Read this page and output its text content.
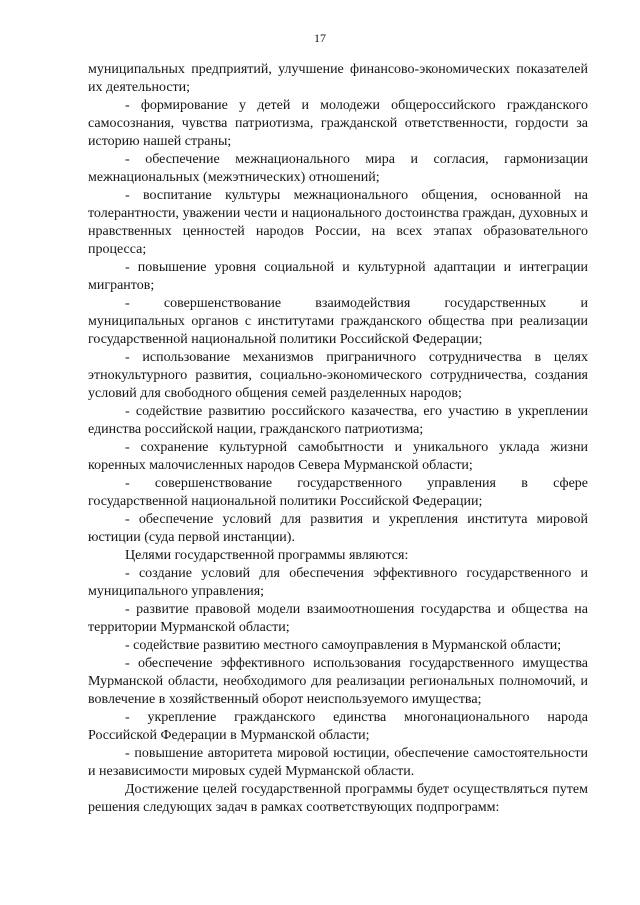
17

муниципальных предприятий, улучшение финансово-экономических показателей их деятельности;

- формирование у детей и молодежи общероссийского гражданского самосознания, чувства патриотизма, гражданской ответственности, гордости за историю нашей страны;

- обеспечение межнационального мира и согласия, гармонизации межнациональных (межэтнических) отношений;

- воспитание культуры межнационального общения, основанной на толерантности, уважении чести и национального достоинства граждан, духовных и нравственных ценностей народов России, на всех этапах образовательного процесса;

- повышение уровня социальной и культурной адаптации и интеграции мигрантов;

-      совершенствование      взаимодействия      государственных      и муниципальных органов с институтами гражданского общества при реализации государственной национальной политики Российской Федерации;

- использование механизмов приграничного сотрудничества в целях этнокультурного развития, социально-экономического сотрудничества, создания условий для свободного общения семей разделенных народов;

- содействие развитию российского казачества, его участию в укреплении единства российской нации, гражданского патриотизма;

- сохранение культурной самобытности и уникального уклада жизни коренных малочисленных народов Севера Мурманской области;

-    совершенствование    государственного    управления    в    сфере государственной национальной политики Российской Федерации;

- обеспечение условий для развития и укрепления института мировой юстиции (суда первой инстанции).

Целями государственной программы являются:

- создание условий для обеспечения эффективного государственного и муниципального управления;

- развитие правовой модели взаимоотношения государства и общества на территории Мурманской области;

- содействие развитию местного самоуправления в Мурманской области;

- обеспечение эффективного использования государственного имущества Мурманской области, необходимого для реализации региональных полномочий, и вовлечение в хозяйственный оборот неиспользуемого имущества;

- укрепление гражданского единства многонационального народа Российской Федерации в Мурманской области;

- повышение авторитета мировой юстиции, обеспечение самостоятельности и независимости мировых судей Мурманской области.

Достижение целей государственной программы будет осуществляться путем решения следующих задач в рамках соответствующих подпрограмм:
